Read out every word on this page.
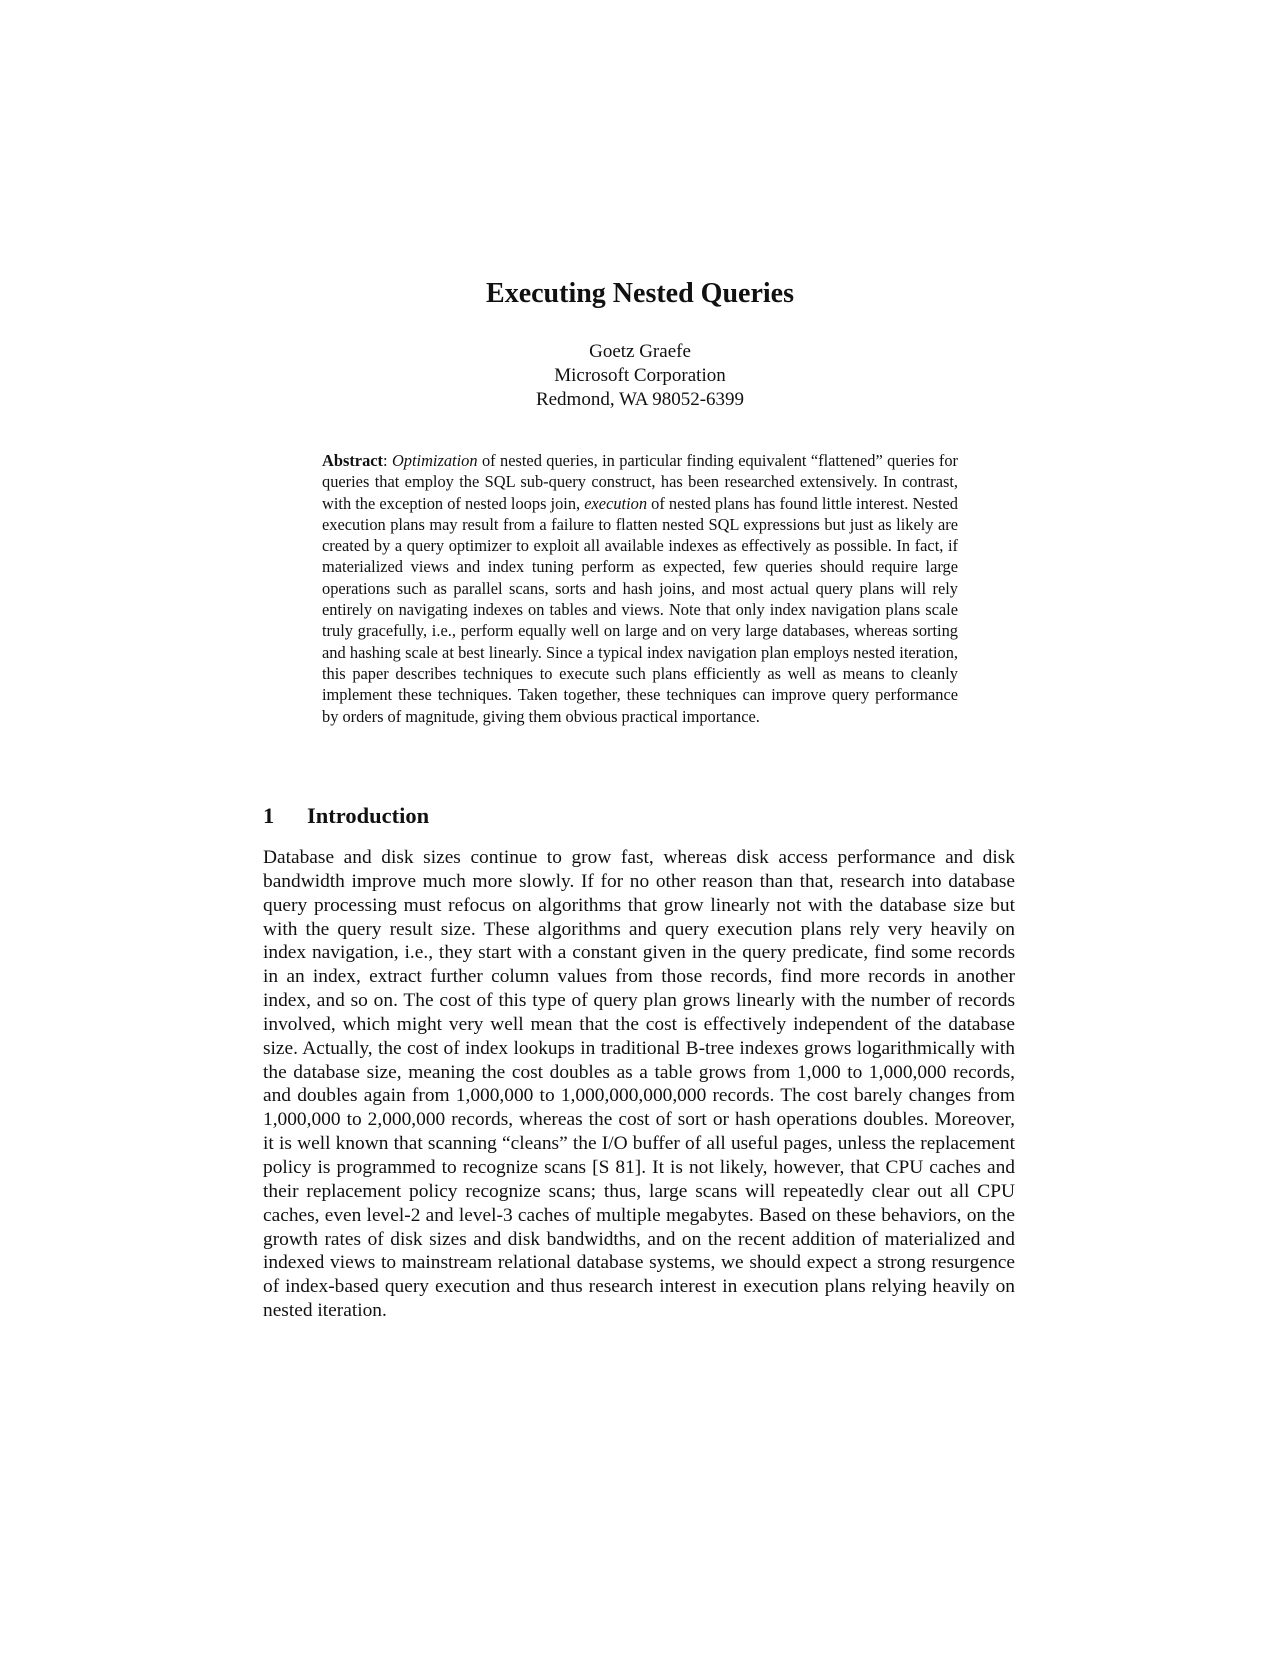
Executing Nested Queries
Goetz Graefe
Microsoft Corporation
Redmond, WA 98052-6399
Abstract: Optimization of nested queries, in particular finding equivalent “flattened” queries for queries that employ the SQL sub-query construct, has been researched extensively. In contrast, with the exception of nested loops join, execution of nested plans has found little interest. Nested execution plans may result from a failure to flatten nested SQL expressions but just as likely are created by a query optimizer to exploit all available indexes as effectively as possible. In fact, if materialized views and index tuning perform as expected, few queries should require large operations such as parallel scans, sorts and hash joins, and most actual query plans will rely entirely on navigating indexes on tables and views. Note that only index navigation plans scale truly gracefully, i.e., perform equally well on large and on very large databases, whereas sorting and hashing scale at best linearly. Since a typical index navigation plan employs nested iteration, this paper describes techniques to execute such plans efficiently as well as means to cleanly implement these techniques. Taken together, these techniques can improve query performance by orders of magnitude, giving them obvious practical importance.
1 Introduction
Database and disk sizes continue to grow fast, whereas disk access performance and disk bandwidth improve much more slowly. If for no other reason than that, research into database query processing must refocus on algorithms that grow linearly not with the database size but with the query result size. These algorithms and query execution plans rely very heavily on index navigation, i.e., they start with a constant given in the query predicate, find some records in an index, extract further column values from those records, find more records in another index, and so on. The cost of this type of query plan grows linearly with the number of records involved, which might very well mean that the cost is effectively independent of the database size. Actually, the cost of index lookups in traditional B-tree indexes grows logarithmically with the database size, meaning the cost doubles as a table grows from 1,000 to 1,000,000 records, and doubles again from 1,000,000 to 1,000,000,000,000 records. The cost barely changes from 1,000,000 to 2,000,000 records, whereas the cost of sort or hash operations doubles. Moreover, it is well known that scanning “cleans” the I/O buffer of all useful pages, unless the replacement policy is programmed to recognize scans [S 81]. It is not likely, however, that CPU caches and their replacement policy recognize scans; thus, large scans will repeatedly clear out all CPU caches, even level-2 and level-3 caches of multiple megabytes. Based on these behaviors, on the growth rates of disk sizes and disk bandwidths, and on the recent addition of materialized and indexed views to mainstream relational database systems, we should expect a strong resurgence of index-based query execution and thus research interest in execution plans relying heavily on nested iteration.
